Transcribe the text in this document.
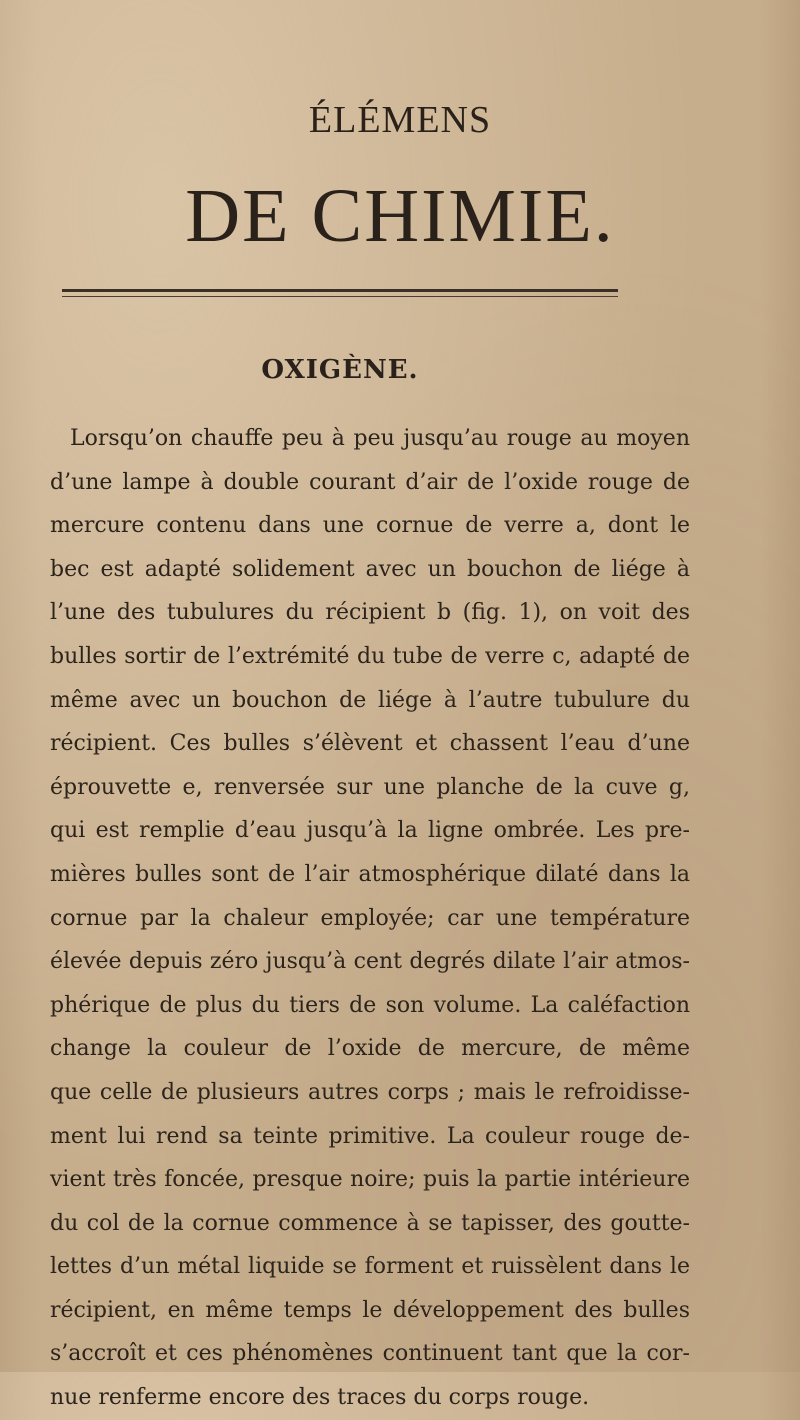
ÉLÉMENS
DE CHIMIE.
OXIGÈNE.
Lorsqu’on chauffe peu à peu jusqu’au rouge au moyen
d’une lampe à double courant d’air de l’oxide rouge de
mercure contenu dans une cornue de verre a, dont le
bec est adapté solidement avec un bouchon de liége à
l’une des tubulures du récipient b (fig. 1), on voit des
bulles sortir de l’extrémité du tube de verre c, adapté de
même avec un bouchon de liége à l’autre tubulure du
récipient. Ces bulles s’élèvent et chassent l’eau d’une
éprouvette e, renversée sur une planche de la cuve g,
qui est remplie d’eau jusqu’à la ligne ombrée. Les pre-
mières bulles sont de l’air atmosphérique dilaté dans la
cornue par la chaleur employée; car une température
élevée depuis zéro jusqu’à cent degrés dilate l’air atmos-
phérique de plus du tiers de son volume. La caléfaction
change la couleur de l’oxide de mercure, de même
que celle de plusieurs autres corps ; mais le refroidisse-
ment lui rend sa teinte primitive. La couleur rouge de-
vient très foncée, presque noire; puis la partie intérieure
du col de la cornue commence à se tapisser, des goutte-
lettes d’un métal liquide se forment et ruissèlent dans le
récipient, en même temps le développement des bulles
s’accroît et ces phénomènes continuent tant que la cor-
nue renferme encore des traces du corps rouge.
